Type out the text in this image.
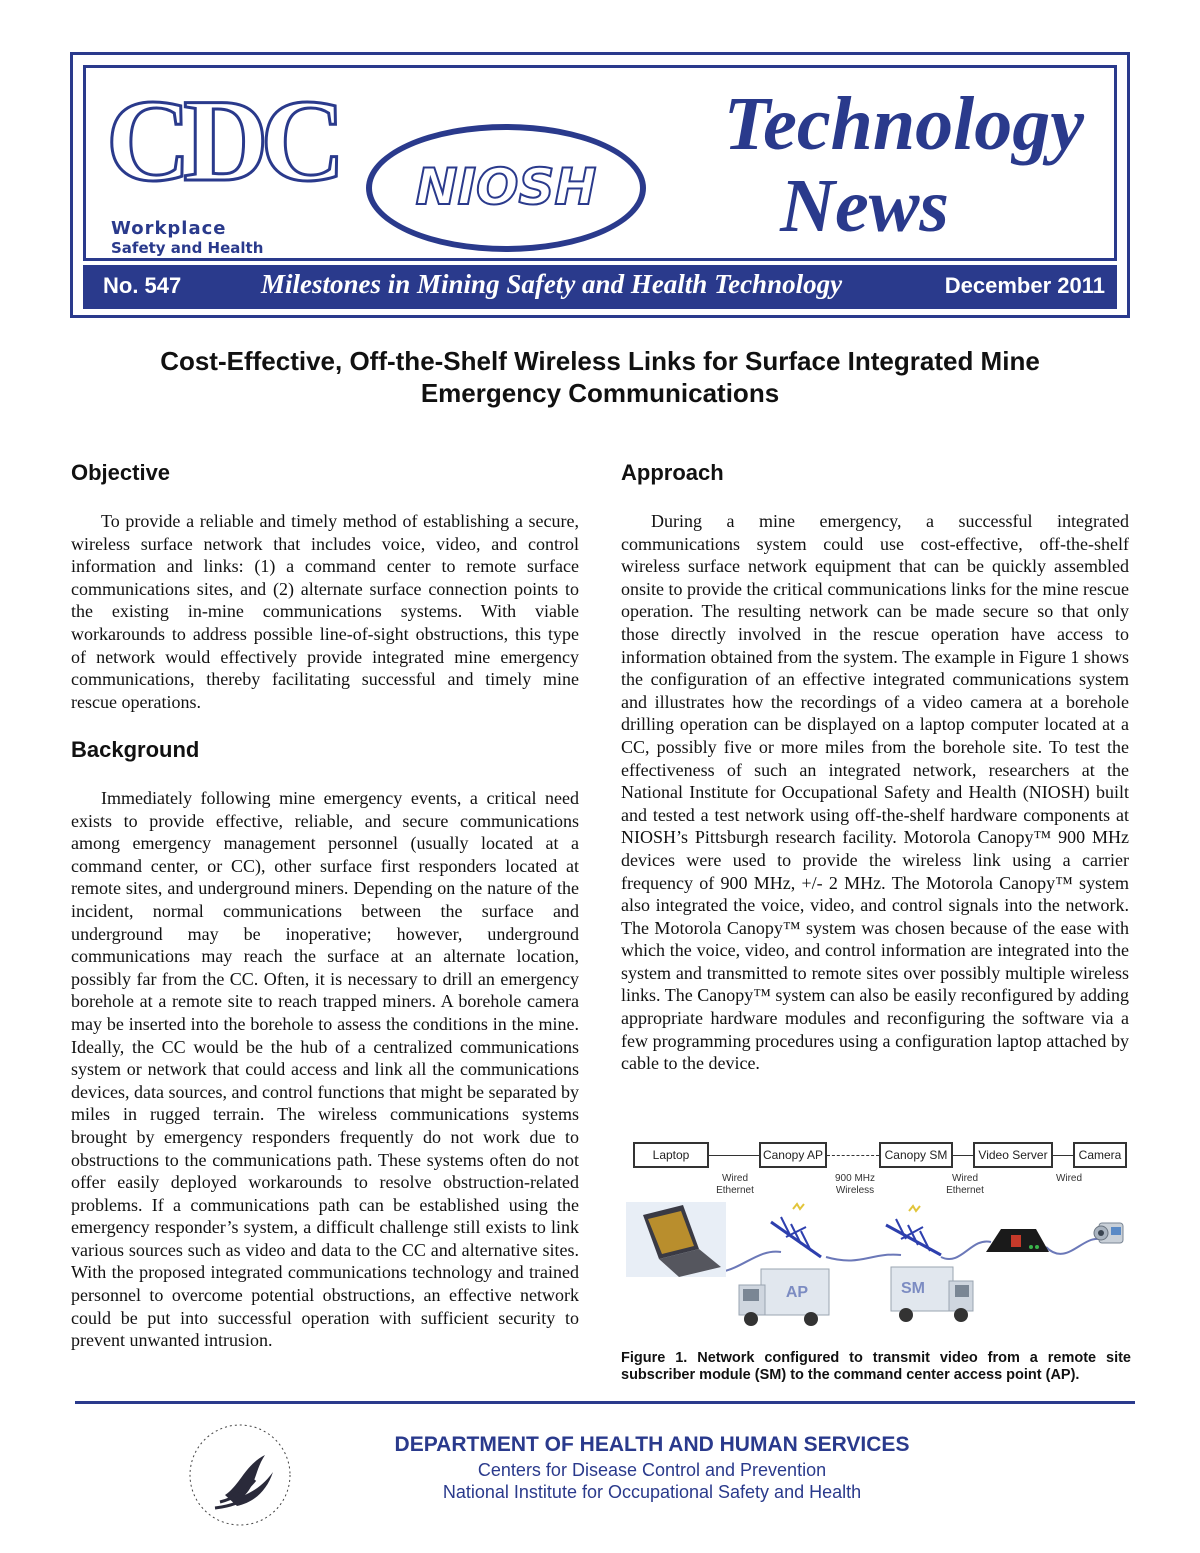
CDC
Workplace
Safety and Health
NIOSH
Technology
News
No. 547	Milestones in Mining Safety and Health Technology	December 2011
Cost-Effective, Off-the-Shelf Wireless Links for Surface Integrated Mine Emergency Communications
Objective

To provide a reliable and timely method of establishing a secure, wireless surface network that includes voice, video, and control information and links: (1) a command center to remote surface communications sites, and (2) alternate surface connection points to the existing in-mine communications systems. With viable workarounds to address possible line-of-sight obstructions, this type of network would effectively provide integrated mine emergency communications, thereby facilitating successful and timely mine rescue operations.

Background

Immediately following mine emergency events, a critical need exists to provide effective, reliable, and secure communications among emergency management personnel (usually located at a command center, or CC), other surface first responders located at remote sites, and underground miners. Depending on the nature of the incident, normal communications between the surface and underground may be inoperative; however, underground communications may reach the surface at an alternate location, possibly far from the CC. Often, it is necessary to drill an emergency borehole at a remote site to reach trapped miners. A borehole camera may be inserted into the borehole to assess the conditions in the mine. Ideally, the CC would be the hub of a centralized communications system or network that could access and link all the communications devices, data sources, and control functions that might be separated by miles in rugged terrain. The wireless communications systems brought by emergency responders frequently do not work due to obstructions to the communications path. These systems often do not offer easily deployed workarounds to resolve obstruction-related problems. If a communications path can be established using the emergency responder’s system, a difficult challenge still exists to link various sources such as video and data to the CC and alternative sites. With the proposed integrated communications technology and trained personnel to overcome potential obstructions, an effective network could be put into successful operation with sufficient security to prevent unwanted intrusion.

Approach

During a mine emergency, a successful integrated communications system could use cost-effective, off-the-shelf wireless surface network equipment that can be quickly assembled onsite to provide the critical communications links for the mine rescue operation. The resulting network can be made secure so that only those directly involved in the rescue operation have access to information obtained from the system. The example in Figure 1 shows the configuration of an effective integrated communications system and illustrates how the recordings of a video camera at a borehole drilling operation can be displayed on a laptop computer located at a CC, possibly five or more miles from the borehole site. To test the effectiveness of such an integrated network, researchers at the National Institute for Occupational Safety and Health (NIOSH) built and tested a test network using off-the-shelf hardware components at NIOSH’s Pittsburgh research facility. Motorola Canopy™ 900 MHz devices were used to provide the wireless link using a carrier frequency of 900 MHz, +/- 2 MHz. The Motorola Canopy™ system also integrated the voice, video, and control signals into the network. The Motorola Canopy™ system was chosen because of the ease with which the voice, video, and control information are integrated into the system and transmitted to remote sites over possibly multiple wireless links. The Canopy™ system can also be easily reconfigured by adding appropriate hardware modules and reconfiguring the software via a few programming procedures using a configuration laptop attached by cable to the device.

Laptop	Canopy AP	Canopy SM	Video Server	Camera
Wired
Ethernet
900 MHz
Wireless
Wired
Ethernet
Wired
AP	SM
Figure 1. Network configured to transmit video from a remote site subscriber module (SM) to the command center access point (AP).
DEPARTMENT OF HEALTH AND HUMAN SERVICES
Centers for Disease Control and Prevention
National Institute for Occupational Safety and Health
